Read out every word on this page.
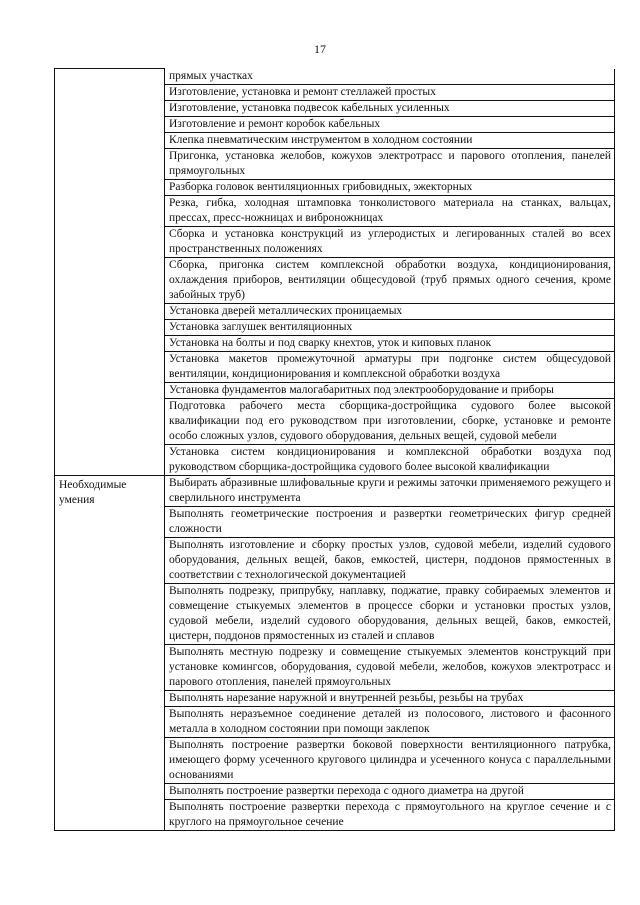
17
	прямых участках
	Изготовление, установка и ремонт стеллажей простых
	Изготовление, установка подвесок кабельных усиленных
	Изготовление и ремонт коробок кабельных
	Клепка пневматическим инструментом в холодном состоянии
	Пригонка, установка желобов, кожухов электротрасс и парового отопления, панелей прямоугольных
	Разборка головок вентиляционных грибовидных, эжекторных
	Резка, гибка, холодная штамповка тонколистового материала на станках, вальцах, прессах, пресс-ножницах и виброножницах
	Сборка и установка конструкций из углеродистых и легированных сталей во всех пространственных положениях
	Сборка, пригонка систем комплексной обработки воздуха, кондиционирования, охлаждения приборов, вентиляции общесудовой (труб прямых одного сечения, кроме забойных труб)
	Установка дверей металлических проницаемых
	Установка заглушек вентиляционных
	Установка на болты и под сварку кнехтов, уток и киповых планок
	Установка макетов промежуточной арматуры при подгонке систем общесудовой вентиляции, кондиционирования и комплексной обработки воздуха
	Установка фундаментов малогабаритных под электрооборудование и приборы
	Подготовка рабочего места сборщика-достройщика судового более высокой квалификации под его руководством при изготовлении, сборке, установке и ремонте особо сложных узлов, судового оборудования, дельных вещей, судовой мебели
	Установка систем кондиционирования и комплексной обработки воздуха под руководством сборщика-достройщика судового более высокой квалификации
Необходимые умения	Выбирать абразивные шлифовальные круги и режимы заточки применяемого режущего и сверлильного инструмента
	Выполнять геометрические построения и развертки геометрических фигур средней сложности
	Выполнять изготовление и сборку простых узлов, судовой мебели, изделий судового оборудования, дельных вещей, баков, емкостей, цистерн, поддонов прямостенных в соответствии с технологической документацией
	Выполнять подрезку, припрубку, наплавку, поджатие, правку собираемых элементов и совмещение стыкуемых элементов в процессе сборки и установки простых узлов, судовой мебели, изделий судового оборудования, дельных вещей, баков, емкостей, цистерн, поддонов прямостенных из сталей и сплавов
	Выполнять местную подрезку и совмещение стыкуемых элементов конструкций при установке комингсов, оборудования, судовой мебели, желобов, кожухов электротрасс и парового отопления, панелей прямоугольных
	Выполнять нарезание наружной и внутренней резьбы, резьбы на трубах
	Выполнять неразъемное соединение деталей из полосового, листового и фасонного металла в холодном состоянии при помощи заклепок
	Выполнять построение развертки боковой поверхности вентиляционного патрубка, имеющего форму усеченного кругового цилиндра и усеченного конуса с параллельными основаниями
	Выполнять построение развертки перехода с одного диаметра на другой
	Выполнять построение развертки перехода с прямоугольного на круглое сечение и с круглого на прямоугольное сечение
